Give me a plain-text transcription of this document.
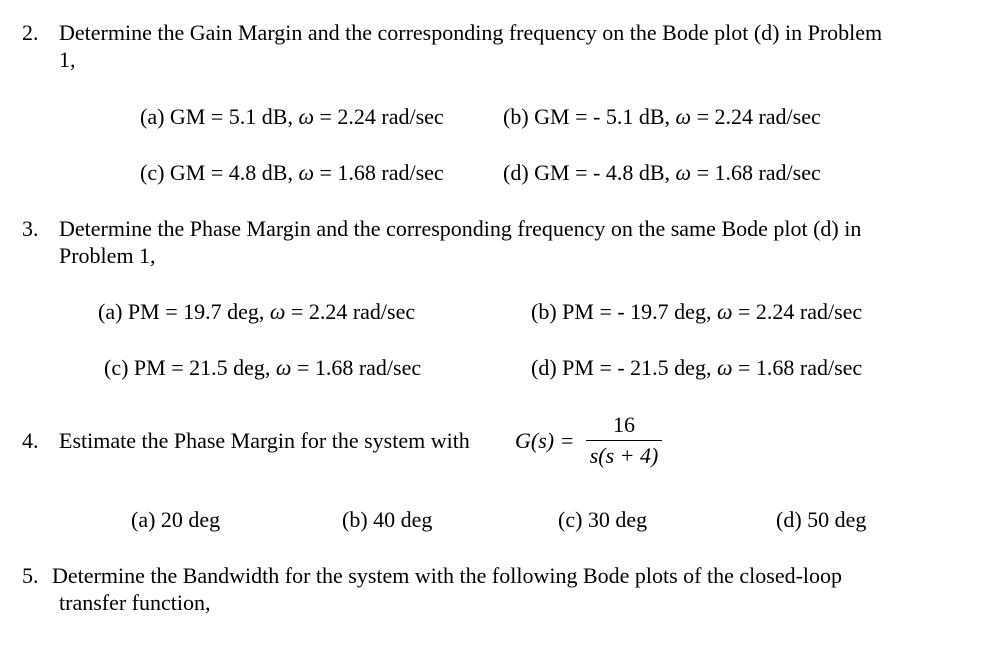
2. Determine the Gain Margin and the corresponding frequency on the Bode plot (d) in Problem
1,
(a) GM = 5.1 dB, ω = 2.24 rad/sec	(b) GM = - 5.1 dB, ω = 2.24 rad/sec
(c) GM = 4.8 dB, ω = 1.68 rad/sec	(d) GM = - 4.8 dB, ω = 1.68 rad/sec
3. Determine the Phase Margin and the corresponding frequency on the same Bode plot (d) in
Problem 1,
(a) PM = 19.7 deg, ω = 2.24 rad/sec	(b) PM = - 19.7 deg, ω = 2.24 rad/sec
(c) PM = 21.5 deg, ω = 1.68 rad/sec	(d) PM = - 21.5 deg, ω = 1.68 rad/sec
4. Estimate the Phase Margin for the system with G(s) =
16
s(s + 4)
(a) 20 deg	(b) 40 deg	(c) 30 deg	(d) 50 deg
5. Determine the Bandwidth for the system with the following Bode plots of the closed-loop
transfer function,
